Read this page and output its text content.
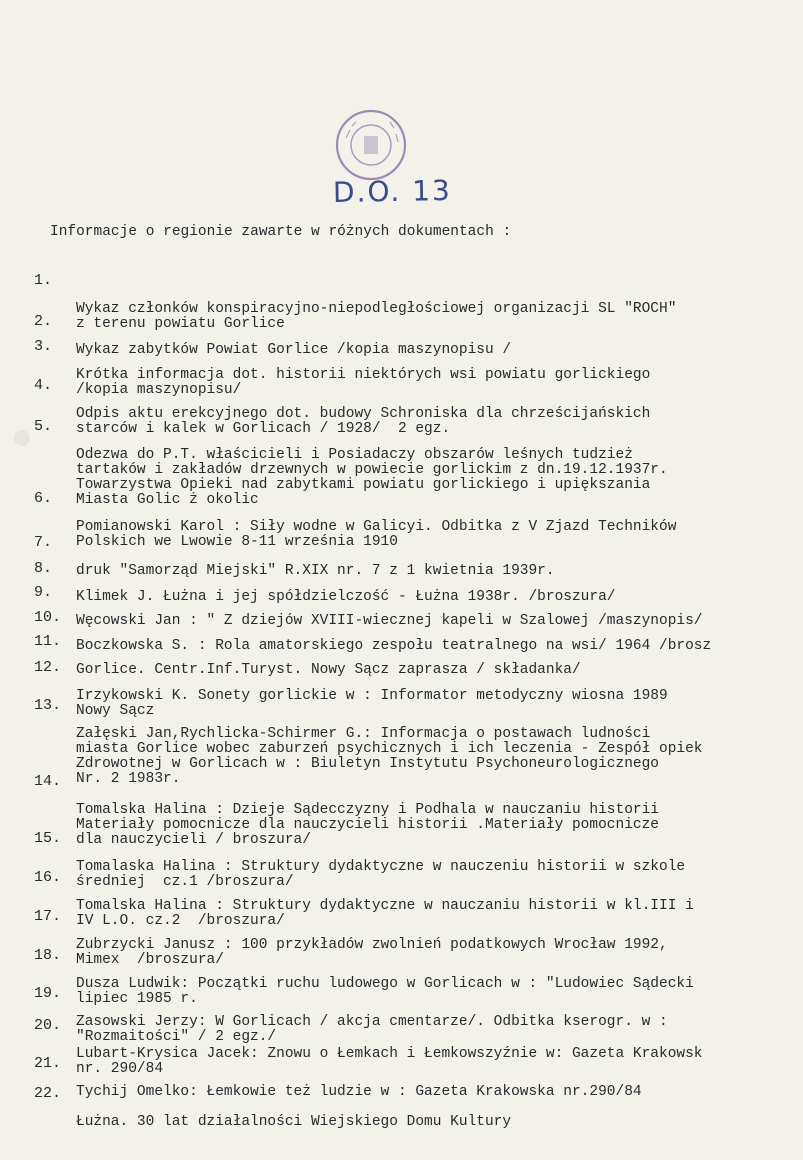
D.O. 13
Informacje o regionie zawarte w różnych dokumentach :
1.

Wykaz członków konspiracyjno-niepodległościowej organizacji SL "ROCH"
z terenu powiatu Gorlice

2.

Wykaz zabytków Powiat Gorlice /kopia maszynopisu /

3.

Krótka informacja dot. historii niektórych wsi powiatu gorlickiego
/kopia maszynopisu/

4.

Odpis aktu erekcyjnego dot. budowy Schroniska dla chrześcijańskich
starców i kalek w Gorlicach / 1928/  2 egz.

5.

Odezwa do P.T. właścicieli i Posiadaczy obszarów leśnych tudzież
tartaków i zakładów drzewnych w powiecie gorlickim z dn.19.12.1937r.
Towarzystwa Opieki nad zabytkami powiatu gorlickiego i upiększania
Miasta Golic ż okolic

6.

Pomianowski Karol : Siły wodne w Galicyi. Odbitka z V Zjazd Techników
Polskich we Lwowie 8-11 września 1910

7.

druk "Samorząd Miejski" R.XIX nr. 7 z 1 kwietnia 1939r.

8.

Klimek J. Łużna i jej spółdzielczość - Łużna 1938r. /broszura/

9.

Węcowski Jan : " Z dziejów XVIII-wiecznej kapeli w Szalowej /maszynopis/

10.

Boczkowska S. : Rola amatorskiego zespołu teatralnego na wsi/ 1964 /brosz

11.

Gorlice. Centr.Inf.Turyst. Nowy Sącz zaprasza / składanka/

12.

Irzykowski K. Sonety gorlickie w : Informator metodyczny wiosna 1989
Nowy Sącz

13.

Załęski Jan,Rychlicka-Schirmer G.: Informacja o postawach ludności
miasta Gorlice wobec zaburzeń psychicznych i ich leczenia - Zespół opiek
Zdrowotnej w Gorlicach w : Biuletyn Instytutu Psychoneurologicznego
Nr. 2 1983r.

14.

Tomalska Halina : Dzieje Sądecczyzny i Podhala w nauczaniu historii
Materiały pomocnicze dla nauczycieli historii .Materiały pomocnicze
dla nauczycieli / broszura/

15.

Tomalaska Halina : Struktury dydaktyczne w nauczeniu historii w szkole
średniej  cz.1 /broszura/

16.

Tomalska Halina : Struktury dydaktyczne w nauczaniu historii w kl.III i
IV L.O. cz.2  /broszura/

17.

Zubrzycki Janusz : 100 przykładów zwolnień podatkowych Wrocław 1992,
Mimex  /broszura/

18.

Dusza Ludwik: Początki ruchu ludowego w Gorlicach w : "Ludowiec Sądecki
lipiec 1985 r.

19.

Zasowski Jerzy: W Gorlicach / akcja cmentarze/. Odbitka kserogr. w :
"Rozmaitości" / 2 egz./

20.

Lubart-Krysica Jacek: Znowu o Łemkach i Łemkowszyźnie w: Gazeta Krakowsk
nr. 290/84

21.

Tychij Omelko: Łemkowie też ludzie w : Gazeta Krakowska nr.290/84

22.

Łużna. 30 lat działalności Wiejskiego Domu Kultury
